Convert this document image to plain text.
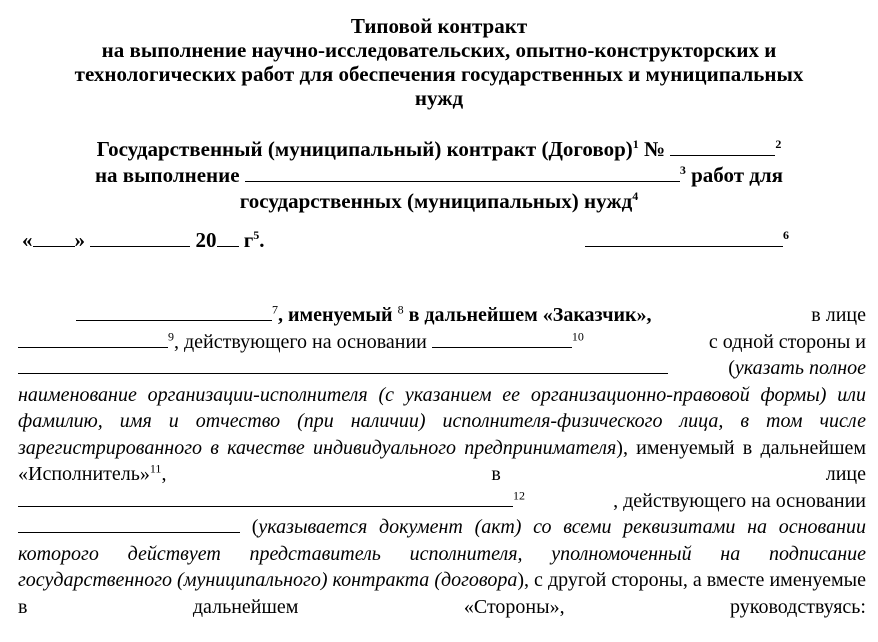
Типовой контракт
на выполнение научно-исследовательских, опытно-конструкторских и
технологических работ для обеспечения государственных и муниципальных
нужд
Государственный (муниципальный) контракт (Договор)$^1$ №	$^2$
на выполнение	$^3$ работ для
государственных (муниципальных) нужд$^4$
« »	20 $г^5$.	$^6$
$^7$, именуемый $^8$ в дальнейшем «Заказчик»,	в лице
$^9$, действующего на основании	$^{10}$	с одной стороны и
(указать полное

наименование организации-исполнителя (с указанием ее организационно-правовой формы) или фамилию, имя и отчество (при наличии) исполнителя-физического лица, в том числе зарегистрированного в качестве индивидуального предпринимателя), именуемый в дальнейшем «Исполнитель»$^{11}$, в лице

$^{12}$	, действующего на основании

(указывается документ (акт) со всеми реквизитами на основании которого действует представитель исполнителя, уполномоченный на подписание государственного (муниципального) контракта (договора), с другой стороны, а вместе именуемые в дальнейшем «Стороны», руководствуясь:
